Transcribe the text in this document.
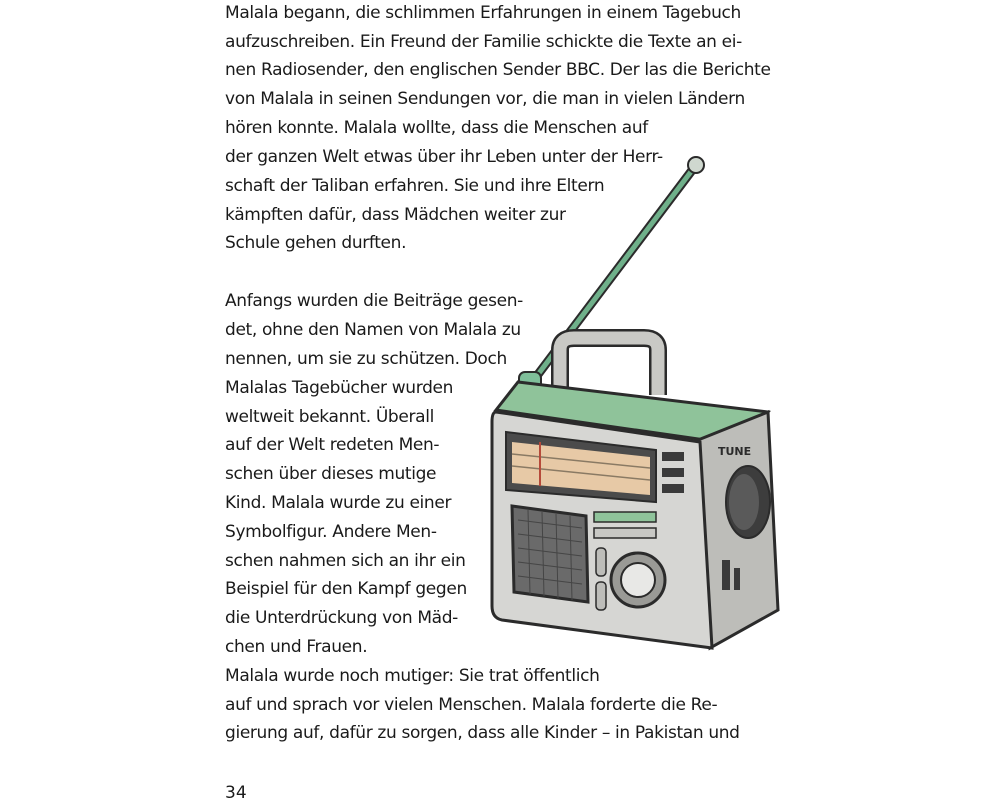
Malala begann, die schlimmen Erfahrungen in einem Tagebuch
aufzuschreiben. Ein Freund der Familie schickte die Texte an ei-
nen Radiosender, den englischen Sender BBC. Der las die Berichte
von Malala in seinen Sendungen vor, die man in vielen Ländern
hören konnte. Malala wollte, dass die Menschen auf
der ganzen Welt etwas über ihr Leben unter der Herr-
schaft der Taliban erfahren. Sie und ihre Eltern
kämpften dafür, dass Mädchen weiter zur
Schule gehen durften.
Anfangs wurden die Beiträge gesen-
det, ohne den Namen von Malala zu
nennen, um sie zu schützen. Doch
Malalas Tagebücher wurden
weltweit bekannt. Überall
auf der Welt redeten Men-
schen über dieses mutige
Kind. Malala wurde zu einer
Symbolfigur. Andere Men-
schen nahmen sich an ihr ein
Beispiel für den Kampf gegen
die Unterdrückung von Mäd-
chen und Frauen.
Malala wurde noch mutiger: Sie trat öffentlich
auf und sprach vor vielen Menschen. Malala forderte die Re-
gierung auf, dafür zu sorgen, dass alle Kinder – in Pakistan und
34
TUNE
